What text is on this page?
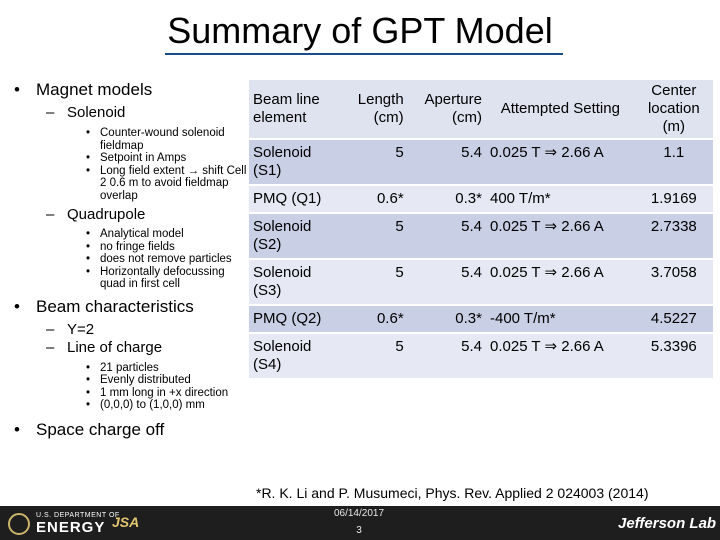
Summary of GPT Model
• Magnet models
– Solenoid
• Counter-wound solenoid fieldmap
• Setpoint in Amps
• Long field extent → shift Cell 2 0.6 m to avoid fieldmap overlap
– Quadrupole
• Analytical model
• no fringe fields
• does not remove particles
• Horizontally defocussing quad in first cell
• Beam characteristics
– Y=2
– Line of charge
• 21 particles
• Evenly distributed
• 1 mm long in +x direction
• (0,0,0) to (1,0,0) mm
• Space charge off
Beam line element	Length (cm)	Aperture (cm)	Attempted Setting	Center location (m)
Solenoid (S1)	5	5.4	0.025 T ⇒ 2.66 A	1.1
PMQ (Q1)	0.6*	0.3*	400 T/m*	1.9169
Solenoid (S2)	5	5.4	0.025 T ⇒ 2.66 A	2.7338
Solenoid (S3)	5	5.4	0.025 T ⇒ 2.66 A	3.7058
PMQ (Q2)	0.6*	0.3*	-400 T/m*	4.5227
Solenoid (S4)	5	5.4	0.025 T ⇒ 2.66 A	5.3396
*R. K. Li and P. Musumeci, Phys. Rev. Applied 2 024003 (2014)
U.S. DEPARTMENT OF
ENERGY JSA
06/14/2017
3	Jefferson Lab
